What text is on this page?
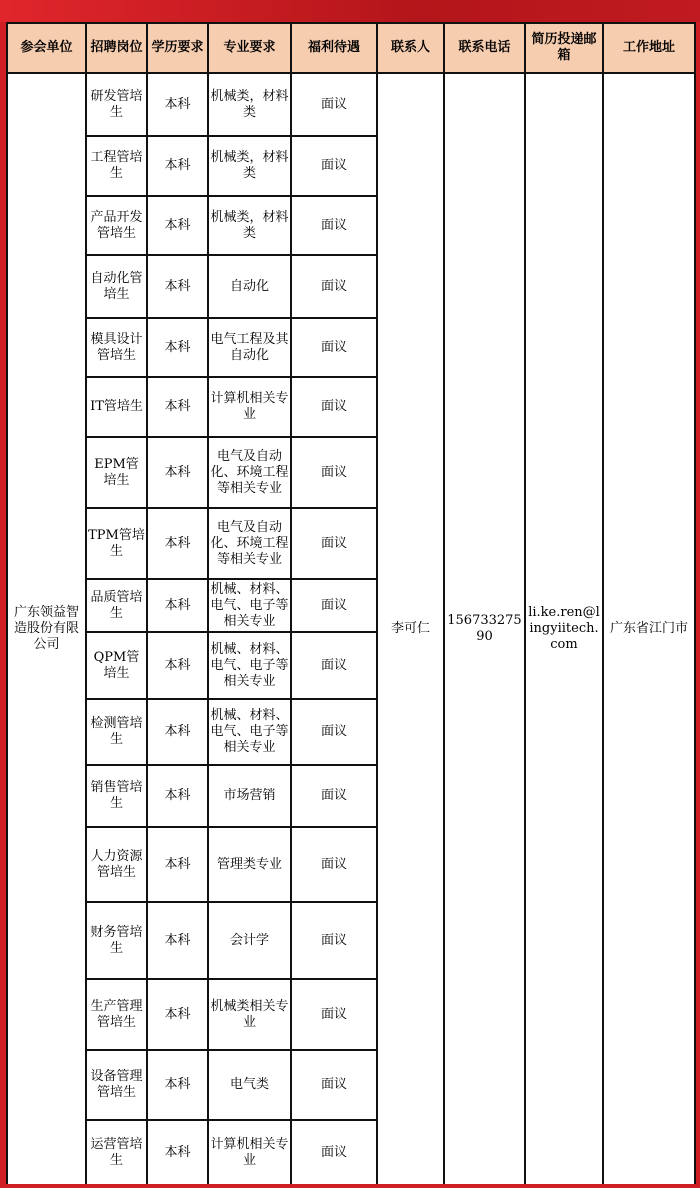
参会单位	招聘岗位	学历要求	专业要求	福利待遇	联系人	联系电话	简历投递邮箱	工作地址
广东领益智造股份有限公司	研发管培生	本科	机械类，材料类	面议	李可仁	15673327590	li.ke.ren@lingyiitech.com	广东省江门市
	工程管培生	本科	机械类，材料类	面议				
	产品开发管培生	本科	机械类，材料类	面议				
	自动化管培生	本科	自动化	面议				
	模具设计管培生	本科	电气工程及其自动化	面议				
	IT管培生	本科	计算机相关专业	面议				
	EPM管培生	本科	电气及自动化、环境工程等相关专业	面议				
	TPM管培生	本科	电气及自动化、环境工程等相关专业	面议				
	品质管培生	本科	机械、材料、电气、电子等相关专业	面议				
	QPM管培生	本科	机械、材料、电气、电子等相关专业	面议				
	检测管培生	本科	机械、材料、电气、电子等相关专业	面议				
	销售管培生	本科	市场营销	面议				
	人力资源管培生	本科	管理类专业	面议				
	财务管培生	本科	会计学	面议				
	生产管理管培生	本科	机械类相关专业	面议				
	设备管理管培生	本科	电气类	面议				
	运营管培生	本科	计算机相关专业	面议				
